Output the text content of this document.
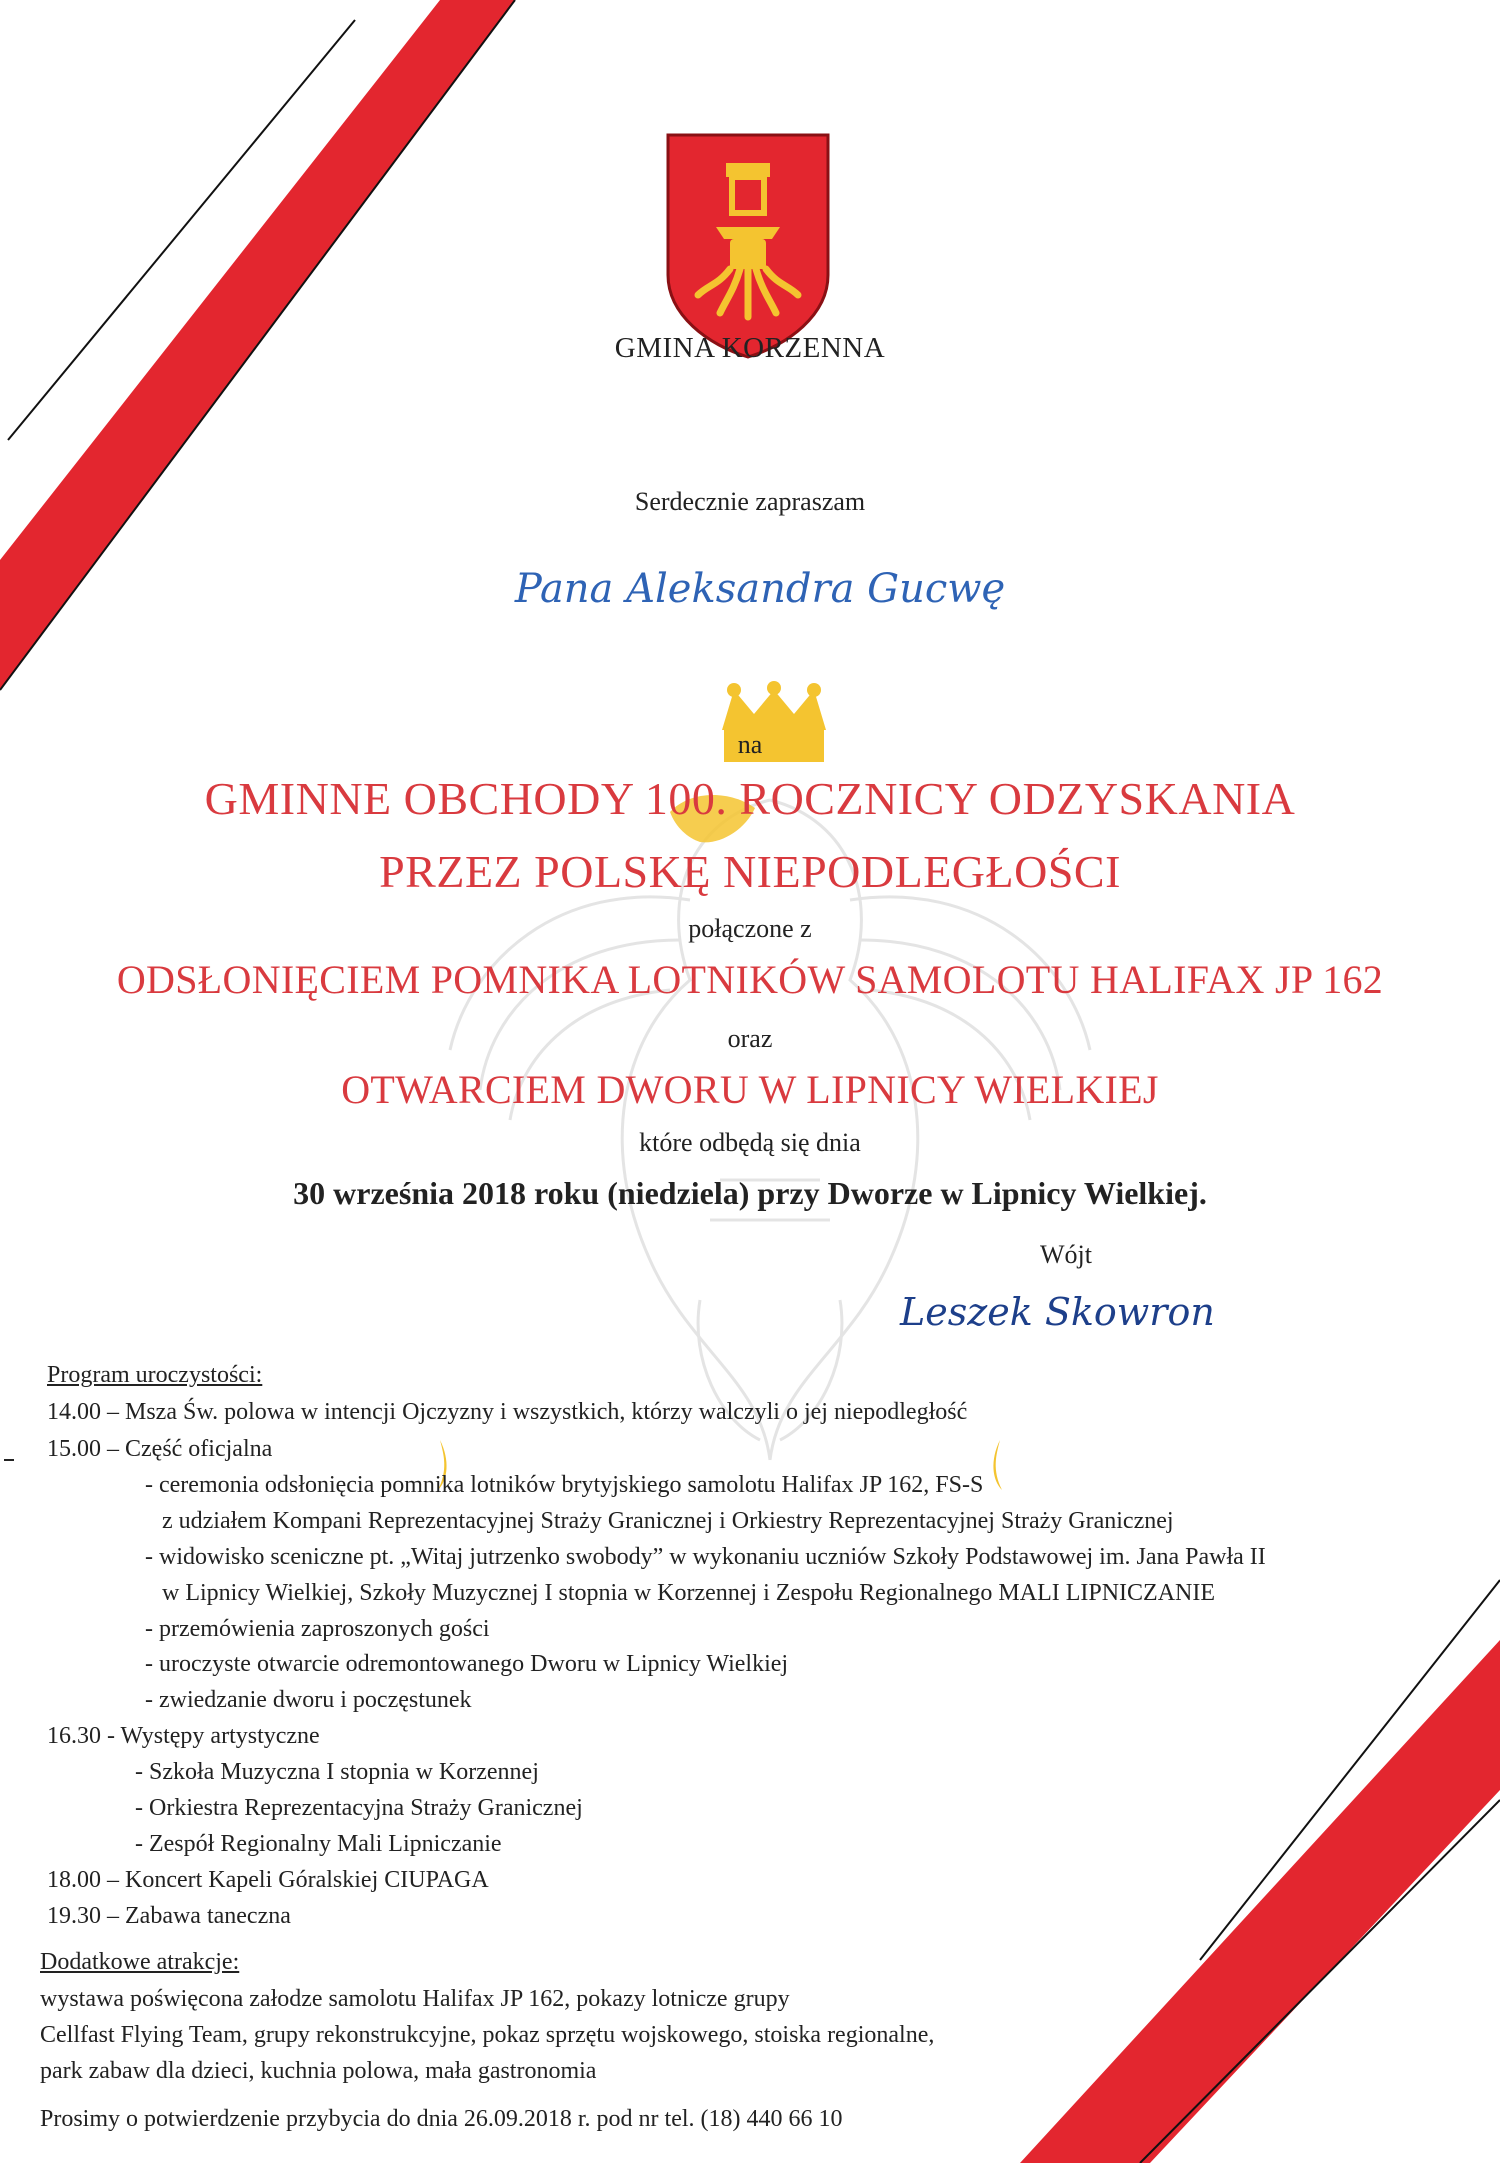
GMINA KORZENNA
Serdecznie zapraszam
Pana Aleksandra Gucwę
na
GMINNE OBCHODY 100. ROCZNICY ODZYSKANIA
PRZEZ POLSKĘ NIEPODLEGŁOŚCI
połączone z
ODSŁONIĘCIEM POMNIKA LOTNIKÓW SAMOLOTU HALIFAX JP 162
oraz
OTWARCIEM DWORU W LIPNICY WIELKIEJ
które odbędą się dnia
30 września 2018 roku (niedziela) przy Dworze w Lipnicy Wielkiej.
Wójt
Leszek Skowron
Program uroczystości:
14.00 – Msza Św. polowa w intencji Ojczyzny i wszystkich, którzy walczyli o jej niepodległość
15.00 – Część oficjalna
- ceremonia odsłonięcia pomnika lotników brytyjskiego samolotu Halifax JP 162, FS-S
z udziałem Kompani Reprezentacyjnej Straży Granicznej i Orkiestry Reprezentacyjnej Straży Granicznej
- widowisko sceniczne pt. „Witaj jutrzenko swobody” w wykonaniu uczniów Szkoły Podstawowej im. Jana Pawła II
w Lipnicy Wielkiej, Szkoły Muzycznej I stopnia w Korzennej i Zespołu Regionalnego MALI LIPNICZANIE
- przemówienia zaproszonych gości
- uroczyste otwarcie odremontowanego Dworu w Lipnicy Wielkiej
- zwiedzanie dworu i poczęstunek
16.30 - Występy artystyczne
- Szkoła Muzyczna I stopnia w Korzennej
- Orkiestra Reprezentacyjna Straży Granicznej
- Zespół Regionalny Mali Lipniczanie
18.00 – Koncert Kapeli Góralskiej CIUPAGA
19.30 – Zabawa taneczna
Dodatkowe atrakcje:
wystawa poświęcona załodze samolotu Halifax JP 162, pokazy lotnicze grupy
Cellfast Flying Team, grupy rekonstrukcyjne, pokaz sprzętu wojskowego, stoiska regionalne,
park zabaw dla dzieci, kuchnia polowa, mała gastronomia
Prosimy o potwierdzenie przybycia do dnia 26.09.2018 r. pod nr tel. (18) 440 66 10
